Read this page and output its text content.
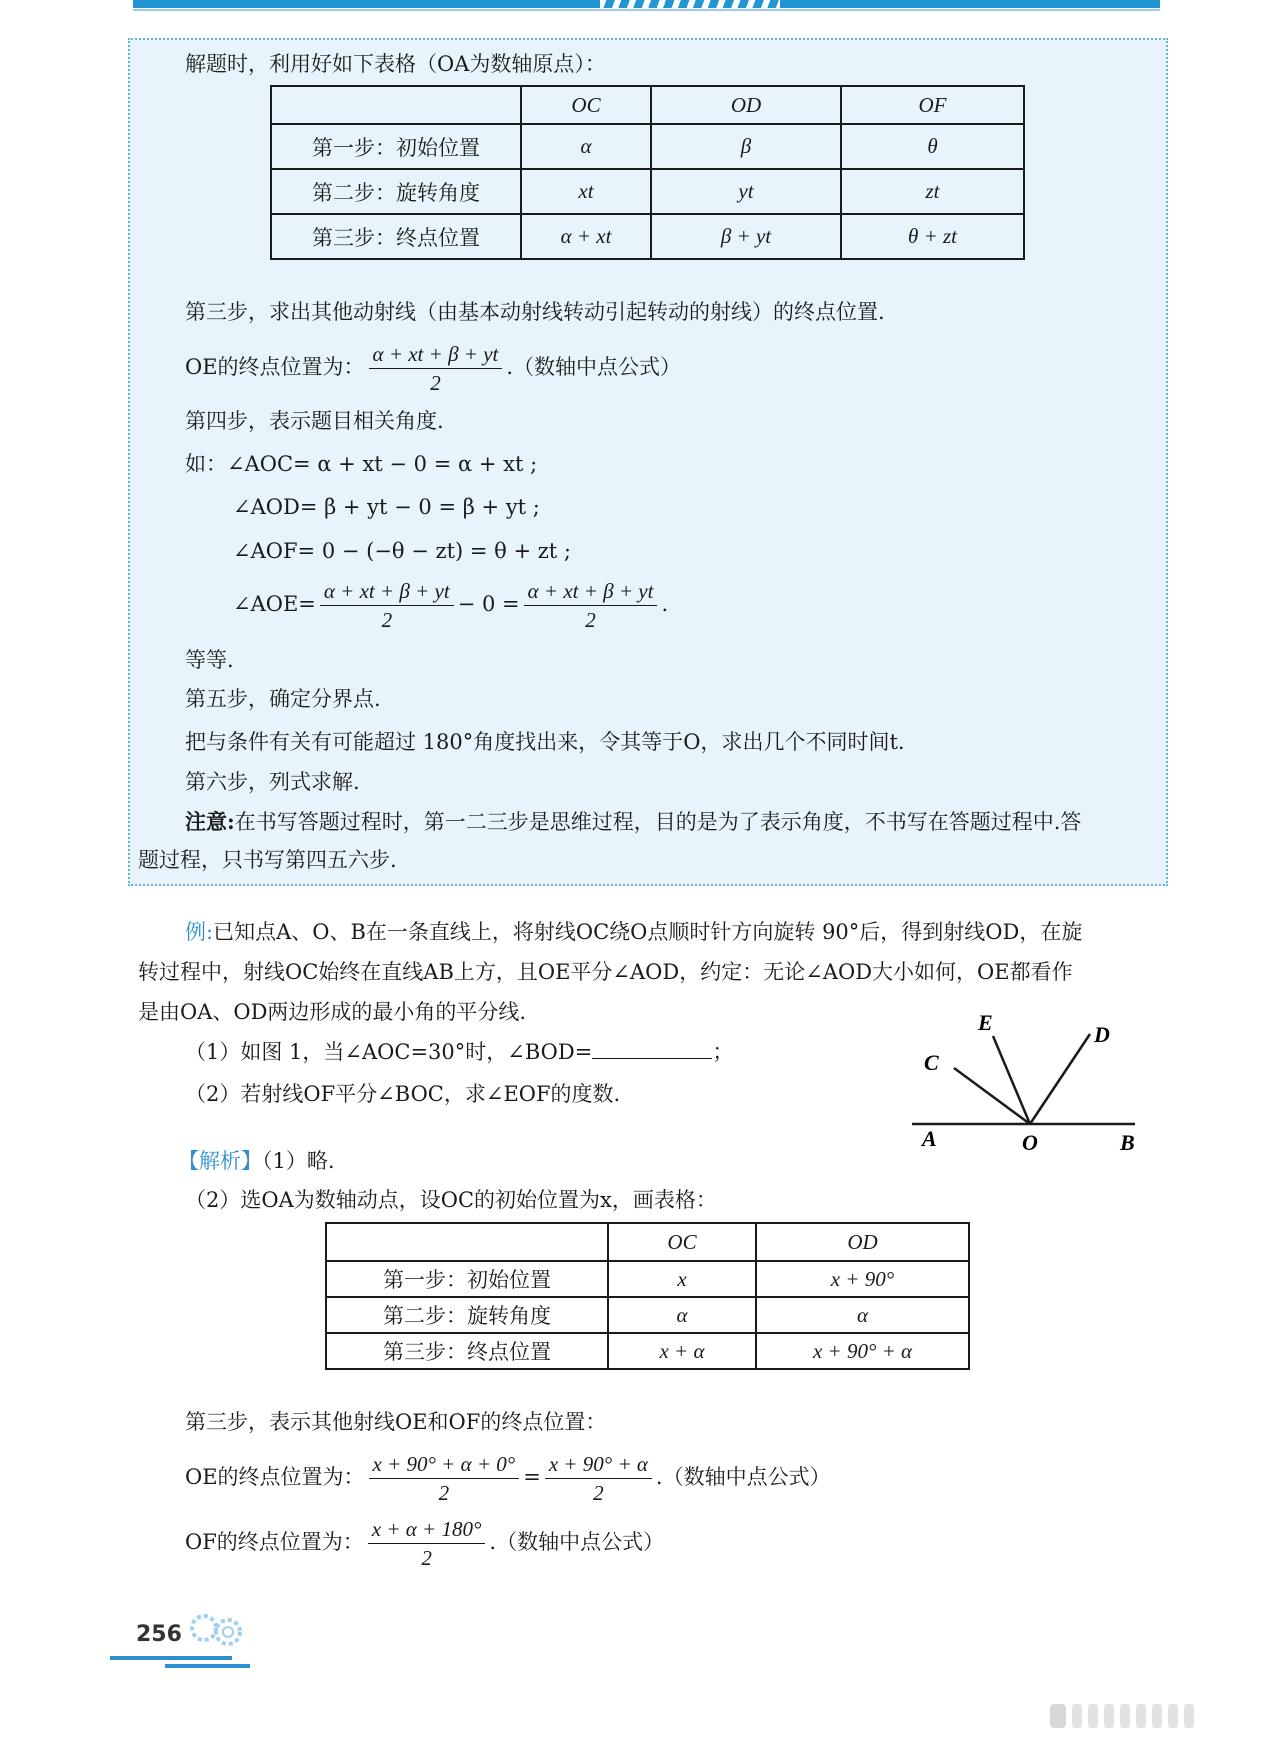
解题时，利用好如下表格（OA为数轴原点）：
	OC	OD	OF
第一步：初始位置	α	β	θ
第二步：旋转角度	xt	yt	zt
第三步：终点位置	α + xt	β + yt	θ + zt
第三步，求出其他动射线（由基本动射线转动引起转动的射线）的终点位置.
OE的终点位置为： $\frac{\alpha + xt + \beta + yt}{2}$ .（数轴中点公式）
第四步，表示题目相关角度.
如：∠AOC= α + xt − 0 = α + xt ;
∠AOD= β + yt − 0 = β + yt ;
∠AOF= 0 − (−θ − zt) = θ + zt ;
∠AOE= $\frac{\alpha + xt + \beta + yt}{2} - 0 = \frac{\alpha + xt + \beta + yt}{2}$ .
等等.
第五步，确定分界点.
把与条件有关有可能超过 180°角度找出来，令其等于O，求出几个不同时间t.
第六步，列式求解.
注意:在书写答题过程时，第一二三步是思维过程，目的是为了表示角度，不书写在答题过程中.答
题过程，只书写第四五六步.
例:已知点A、O、B在一条直线上，将射线OC绕O点顺时针方向旋转 90°后，得到射线OD，在旋
转过程中，射线OC始终在直线AB上方，且OE平分∠AOD，约定：无论∠AOD大小如何，OE都看作
是由OA、OD两边形成的最小角的平分线.
（1）如图 1，当∠AOC=30°时，∠BOD=	；
（2）若射线OF平分∠BOC，求∠EOF的度数.
E	D
C
A	O	B
【解析】（1）略.
（2）选OA为数轴动点，设OC的初始位置为x，画表格：
	OC	OD
第一步：初始位置	x	x + 90°
第二步：旋转角度	α	α
第三步：终点位置	x + α	x + 90° + α
第三步，表示其他射线OE和OF的终点位置：
OE的终点位置为： $\frac{x + 90^\circ + \alpha + 0^\circ}{2} = \frac{x + 90^\circ + \alpha}{2}$ .（数轴中点公式）
OF的终点位置为： $\frac{x + \alpha + 180^\circ}{2}$ .（数轴中点公式）
256
